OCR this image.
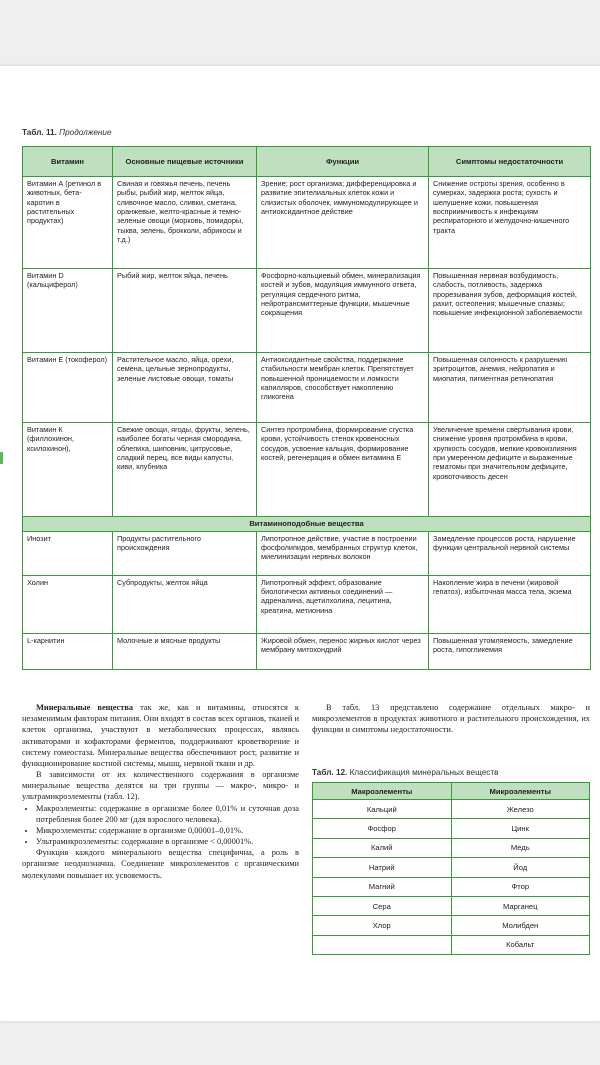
Табл. 11. Продолжение
Витамин	Основные пищевые источники	Функции	Симптомы недостаточности
Витамин А (ретинол в животных, бета-каротин в растительных продуктах)	Свиная и говяжья печень, печень рыбы, рыбий жир, желток яйца, сливочное масло, сливки, сметана, оранжевые, желто-красные и темно-зеленые овощи (морковь, помидоры, тыква, зелень, брокколи, абрикосы и т.д.)	Зрение; рост организма; дифференцировка и развитие эпителиальных клеток кожи и слизистых оболочек, иммуномодулирующее и антиоксидантное действие	Снижение остроты зрения, особенно в сумерках, задержка роста; сухость и шелушение кожи, повышенная восприимчивость к инфекциям респираторного и желудочно-кишечного тракта
Витамин D (кальциферол)	Рыбий жир, желток яйца, печень	Фосфорно-кальциевый обмен, минерализация костей и зубов, модуляция иммунного ответа, регуляция сердечного ритма, нейротрансмиттерные функции, мышечные сокращения	Повышенная нервная возбудимость, слабость, потливость, задержка прорезывания зубов, деформация костей, рахит, остеопения; мышечные спазмы; повышение инфекционной заболеваемости
Витамин Е (токоферол)	Растительное масло, яйца, орехи, семена, цельные зернопродукты, зеленые листовые овощи, томаты	Антиоксидантные свойства, поддержание стабильности мембран клеток. Препятствует повышенной проницаемости и ломкости капилляров, способствует накоплению гликогена	Повышенная склонность к разрушению эритроцитов, анемия, нейропатия и миопатия, пигментная ретинопатия
Витамин К (филлохинон, ксилохинон),	Свежие овощи, ягоды, фрукты, зелень, наиболее богаты черная смородина, облепиха, шиповник, цитрусовые, сладкий перец, все виды капусты, киви, клубника	Синтез протромбина, формирование сгустка крови, устойчивость стенок кровеносных сосудов, усвоение кальция, формирование костей, регенерация и обмен витамина Е	Увеличение времени свертывания крови, снижение уровня протромбина в крови, хрупкость сосудов, мелкие кровоизлияния при умеренном дефиците и выраженные гематомы при значительном дефиците, кровоточивость десен
Витаминоподобные вещества			
Инозит	Продукты растительного происхождения	Липотропное действие, участие в построении фосфолипидов, мембранных структур клеток, миелинизации нервных волокон	Замедление процессов роста, нарушение функции центральной нервной системы
Холин	Субпродукты, желток яйца	Липотропный эффект, образование биологически активных соединений — адреналина, ацетилхолина, лецитина, креатина, метионина	Накопление жира в печени (жировой гепатоз), избыточная масса тела, экзема
L-карнитин	Молочные и мясные продукты	Жировой обмен, перенос жирных кислот через мембрану митохондрий	Повышенная утомляемость, замедление роста, гипогликемия

Минеральные вещества так же, как и витамины, относятся к незаменимым факторам питания. Они входят в состав всех органов, тканей и клеток организма, участвуют в метаболических процессах, являясь активаторами и кофакторами ферментов, поддерживают кроветворение и систему гомеостаза. Минеральные вещества обеспечивают рост, развитие и функционирование костной системы, мышц, нервной ткани и др.

В зависимости от их количественного содержания в организме минеральные вещества делятся на три группы — макро-, микро- и ультрамикроэлементы (табл. 12).

• Макроэлементы: содержание в организме более 0,01% и суточная доза потребления более 200 мг (для взрослого человека).
• Микроэлементы: содержание в организме 0,00001–0,01%.
• Ультрамикроэлементы: содержание в организме < 0,00001%.

Функция каждого минерального вещества специфична, а роль в организме неоднозначна. Соединение микроэлементов с органическими молекулами повышает их усвояемость.

В табл. 13 представлено содержание отдельных макро- и микроэлементов в продуктах животного и растительного происхождения, их функции и симптомы недостаточности.

Табл. 12. Классификация минеральных веществ
Макроэлементы	Микроэлементы
Кальций	Железо
Фосфор	Цинк
Калий	Медь
Натрий	Йод
Магний	Фтор
Сера	Марганец
Хлор	Молибден
	Кобальт
